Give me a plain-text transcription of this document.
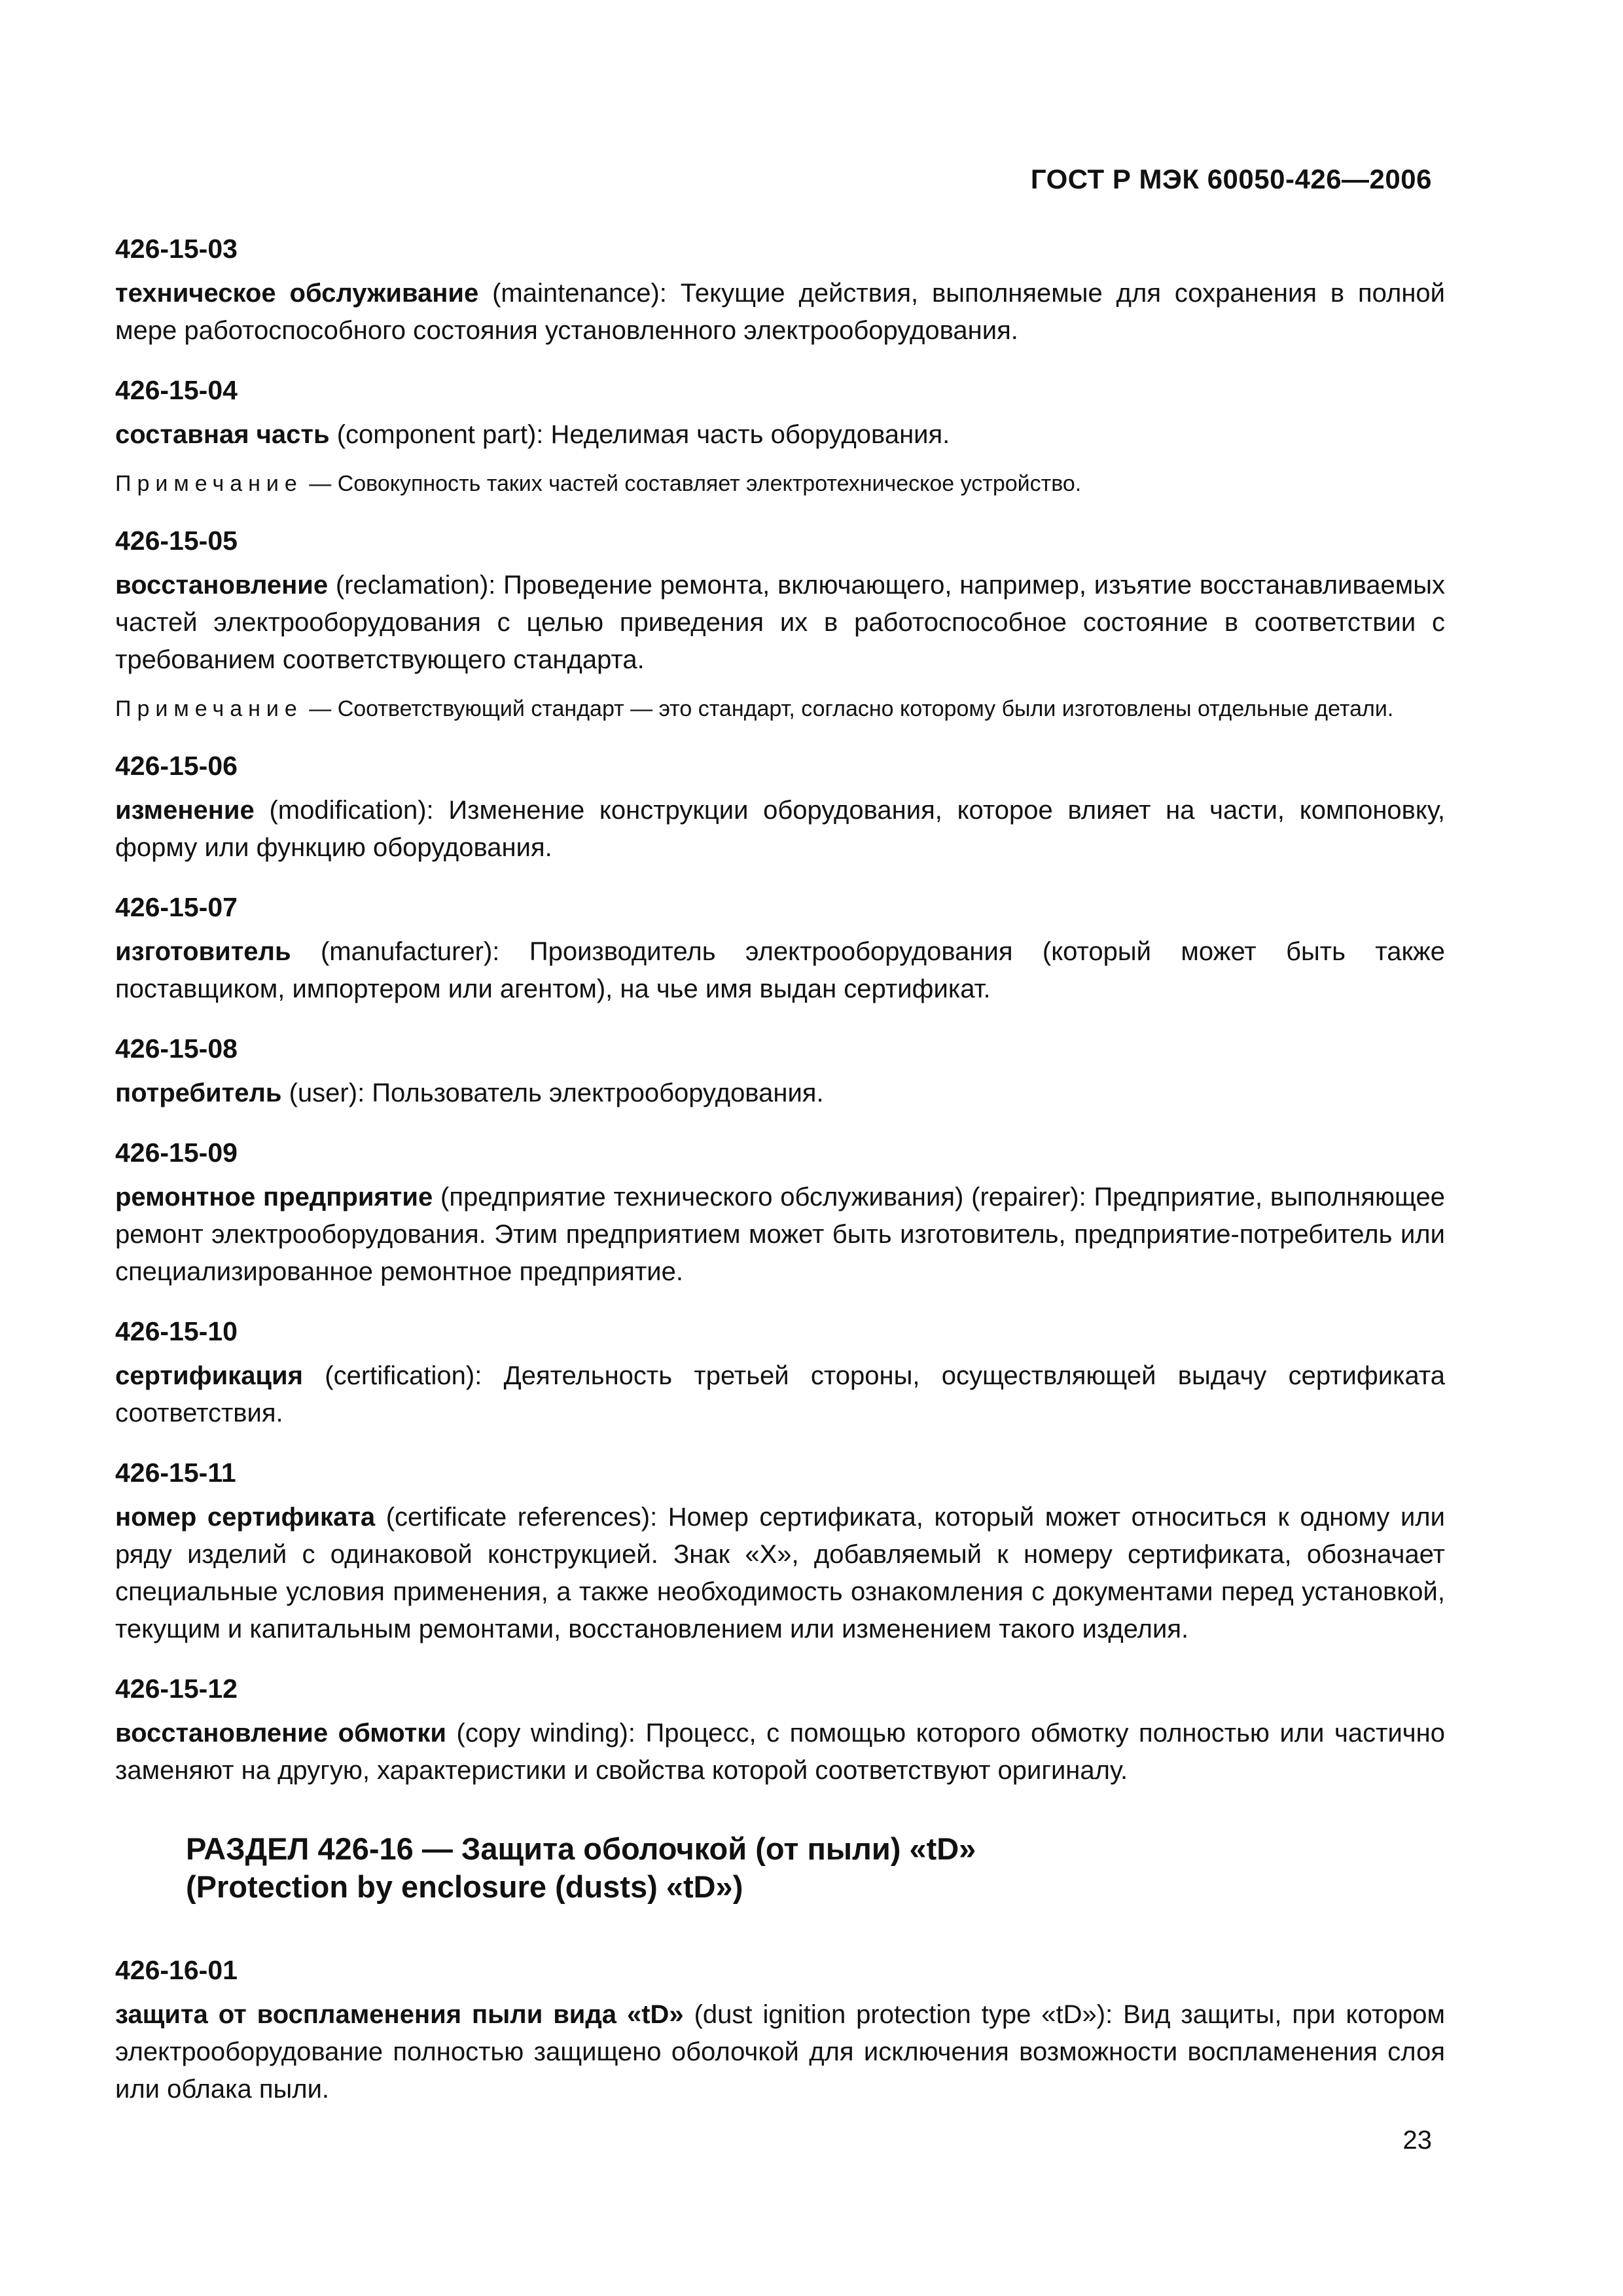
ГОСТ Р МЭК 60050-426—2006
426-15-03
техническое обслуживание (maintenance): Текущие действия, выполняемые для сохранения в полной мере работоспособного состояния установленного электрооборудования.
426-15-04
составная часть (component part): Неделимая часть оборудования.
Примечание — Совокупность таких частей составляет электротехническое устройство.
426-15-05
восстановление (reclamation): Проведение ремонта, включающего, например, изъятие восстанавливаемых частей электрооборудования с целью приведения их в работоспособное состояние в соответствии с требованием соответствующего стандарта.
Примечание — Соответствующий стандарт — это стандарт, согласно которому были изготовлены отдельные детали.
426-15-06
изменение (modification): Изменение конструкции оборудования, которое влияет на части, компоновку, форму или функцию оборудования.
426-15-07
изготовитель (manufacturer): Производитель электрооборудования (который может быть также поставщиком, импортером или агентом), на чье имя выдан сертификат.
426-15-08
потребитель (user): Пользователь электрооборудования.
426-15-09
ремонтное предприятие (предприятие технического обслуживания) (repairer): Предприятие, выполняющее ремонт электрооборудования. Этим предприятием может быть изготовитель, предприятие-потребитель или специализированное ремонтное предприятие.
426-15-10
сертификация (certification): Деятельность третьей стороны, осуществляющей выдачу сертификата соответствия.
426-15-11
номер сертификата (certificate references): Номер сертификата, который может относиться к одному или ряду изделий с одинаковой конструкцией. Знак «Х», добавляемый к номеру сертификата, обозначает специальные условия применения, а также необходимость ознакомления с документами перед установкой, текущим и капитальным ремонтами, восстановлением или изменением такого изделия.
426-15-12
восстановление обмотки (copy winding): Процесс, с помощью которого обмотку полностью или частично заменяют на другую, характеристики и свойства которой соответствуют оригиналу.
РАЗДЕЛ 426-16 — Защита оболочкой (от пыли) «tD»
(Protection by enclosure (dusts) «tD»)
426-16-01
защита от воспламенения пыли вида «tD» (dust ignition protection type «tD»): Вид защиты, при котором электрооборудование полностью защищено оболочкой для исключения возможности воспламенения слоя или облака пыли.
23
